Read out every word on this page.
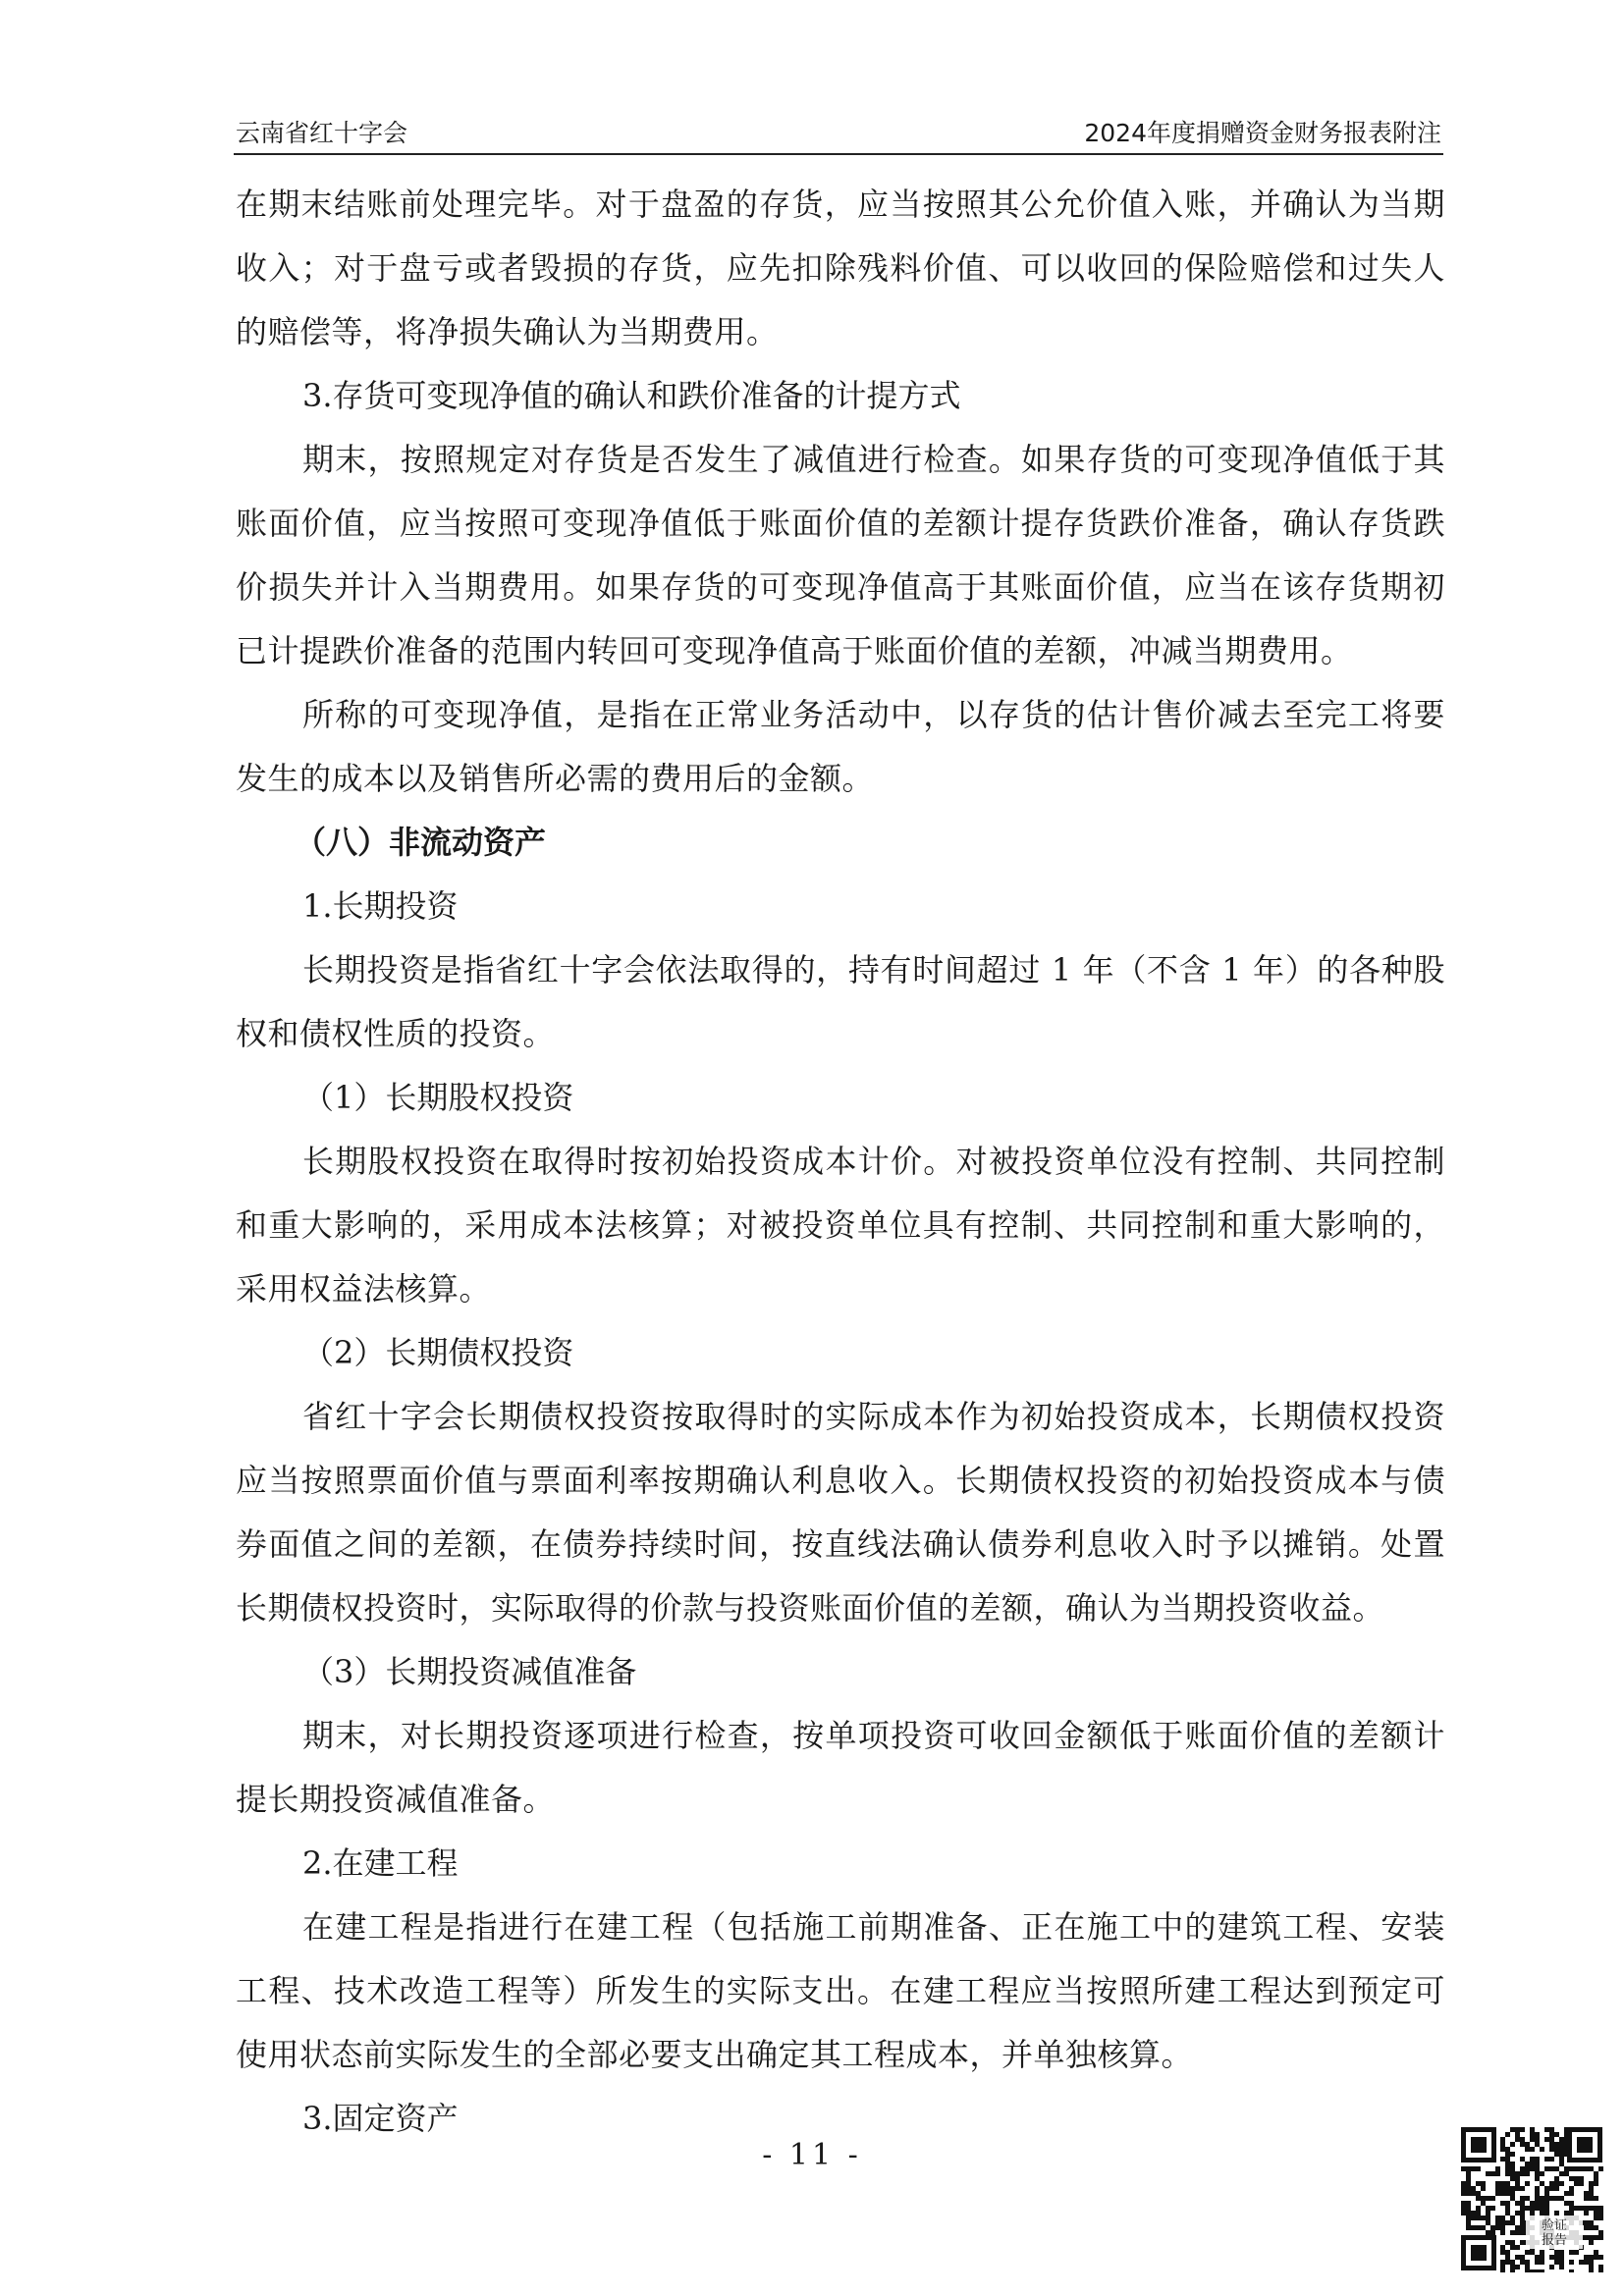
云南省红十字会	2024年度捐赠资金财务报表附注

在期末结账前处理完毕。对于盘盈的存货，应当按照其公允价值入账，并确认为当期收入；对于盘亏或者毁损的存货，应先扣除残料价值、可以收回的保险赔偿和过失人的赔偿等，将净损失确认为当期费用。

3.存货可变现净值的确认和跌价准备的计提方式

期末，按照规定对存货是否发生了减值进行检查。如果存货的可变现净值低于其账面价值，应当按照可变现净值低于账面价值的差额计提存货跌价准备，确认存货跌价损失并计入当期费用。如果存货的可变现净值高于其账面价值，应当在该存货期初已计提跌价准备的范围内转回可变现净值高于账面价值的差额，冲减当期费用。

所称的可变现净值，是指在正常业务活动中，以存货的估计售价减去至完工将要发生的成本以及销售所必需的费用后的金额。

（八）非流动资产

1.长期投资

长期投资是指省红十字会依法取得的，持有时间超过 1 年（不含 1 年）的各种股权和债权性质的投资。

（1）长期股权投资

长期股权投资在取得时按初始投资成本计价。对被投资单位没有控制、共同控制和重大影响的，采用成本法核算；对被投资单位具有控制、共同控制和重大影响的，采用权益法核算。

（2）长期债权投资

省红十字会长期债权投资按取得时的实际成本作为初始投资成本，长期债权投资应当按照票面价值与票面利率按期确认利息收入。长期债权投资的初始投资成本与债券面值之间的差额，在债券持续时间，按直线法确认债券利息收入时予以摊销。处置长期债权投资时，实际取得的价款与投资账面价值的差额，确认为当期投资收益。

（3）长期投资减值准备

期末，对长期投资逐项进行检查，按单项投资可收回金额低于账面价值的差额计提长期投资减值准备。

2.在建工程

在建工程是指进行在建工程（包括施工前期准备、正在施工中的建筑工程、安装工程、技术改造工程等）所发生的实际支出。在建工程应当按照所建工程达到预定可使用状态前实际发生的全部必要支出确定其工程成本，并单独核算。

3.固定资产

- 11 -
验证
报告
